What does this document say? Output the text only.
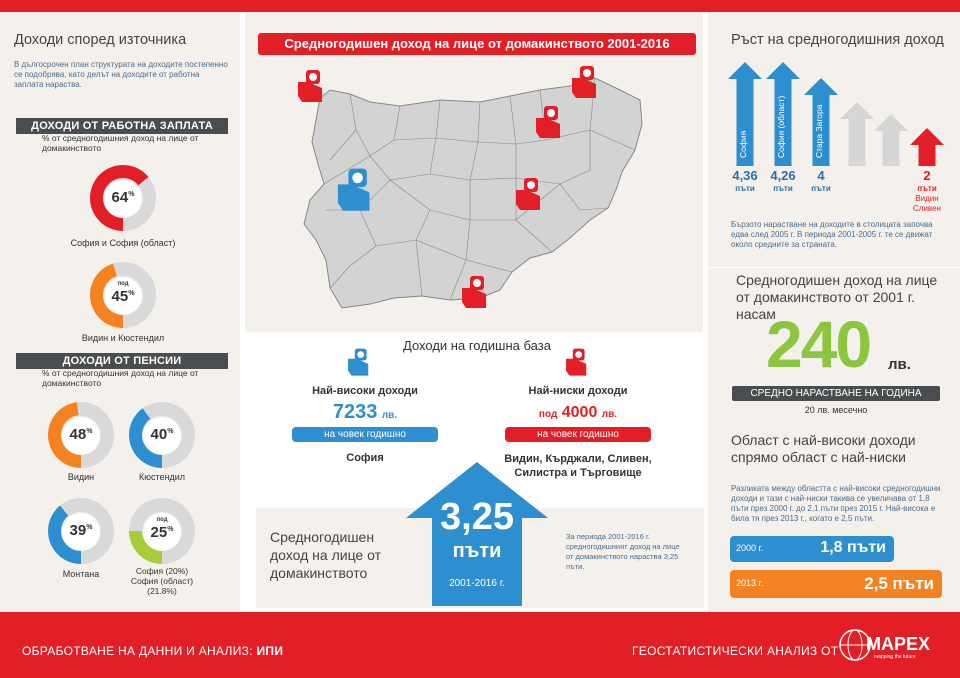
Доходи според източника
В дългосрочен план структурата на доходите постепенно се подобрява, като делът на доходите от работна заплата нараства.
ДОХОДИ ОТ РАБОТНА ЗАПЛАТА
% от средногодишния доход на лице от домакинството
64%
София и София (област)
под
45%
Видин и Кюстендил
ДОХОДИ ОТ ПЕНСИИ
% от средногодишния доход на лице от домакинството
48%
Видин
40%
Кюстендил
39%
Монтана
под
25%
София (20%)
София (област)
(21.8%)
Средногодишен доход на лице от домакинството 2001-2016
Доходи на годишна база
Най-високи доходи
7233 лв.
на човек годишно
София
Най-ниски доходи
под 4000 лв.
на човек годишно
Видин, Кърджали, Сливен, Силистра и Търговище
Средногодишен доход на лице от домакинството
3,25
пъти
2001-2016 г.
За периода 2001-2016 г. средногодишният доход на лице от домакинството нараства 3,25 пъти.
Ръст на средногодишния доход
София
4,36
пъти
София (област)
4,26
пъти
Стара Загора
4
пъти
Видин Сливен
2
пъти
Бързото нарастване на доходите в столицата започва едва след 2005 г. В периода 2001-2005 г. те се движат около средните за страната.
Средногодишен доход на лице от домакинството от 2001 г. насам
240 лв.
СРЕДНО НАРАСТВАНЕ НА ГОДИНА
20 лв. месечно
Област с най-високи доходи спрямо област с най-ниски
Разликата между областта с най-високи средногодишни доходи и тази с най-ниски такива се увеличава от 1,8 пъти през 2000 г. до 2,1 пъти през 2015 г. Най-висока е била тя през 2013 г., когато е 2,5 пъти.
2000 г.	1,8 пъти
2013 г.	2,5 пъти
ОБРАБОТВАНЕ НА ДАННИ И АНАЛИЗ: ИПИ	ГЕОСТАТИСТИЧЕСКИ АНАЛИЗ ОТ MAPEX
mapping the future
